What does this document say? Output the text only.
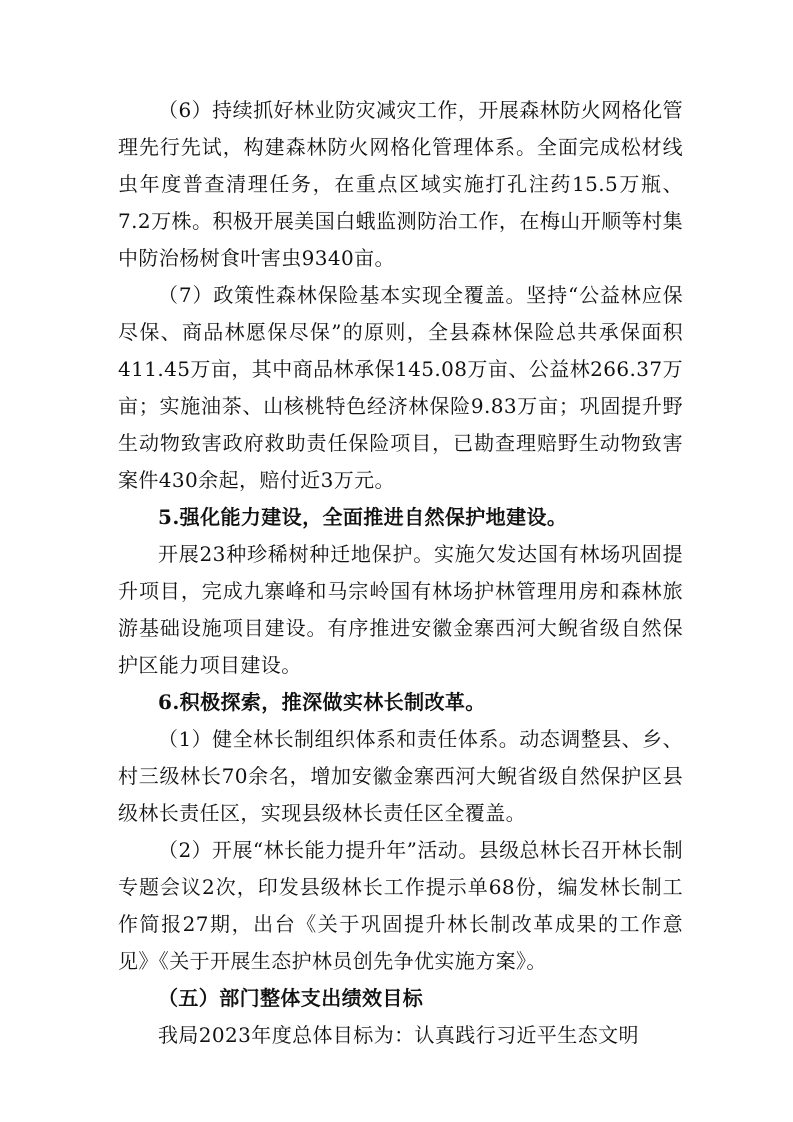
（6）持续抓好林业防灾减灾工作，开展森林防火网格化管理先行先试，构建森林防火网格化管理体系。全面完成松材线虫年度普查清理任务，在重点区域实施打孔注药15.5万瓶、7.2万株。积极开展美国白蛾监测防治工作，在梅山开顺等村集中防治杨树食叶害虫9340亩。

（7）政策性森林保险基本实现全覆盖。坚持“公益林应保尽保、商品林愿保尽保”的原则，全县森林保险总共承保面积411.45万亩，其中商品林承保145.08万亩、公益林266.37万亩；实施油茶、山核桃特色经济林保险9.83万亩；巩固提升野生动物致害政府救助责任保险项目，已勘查理赔野生动物致害案件430余起，赔付近3万元。

5.强化能力建设，全面推进自然保护地建设。

开展23种珍稀树种迁地保护。实施欠发达国有林场巩固提升项目，完成九寨峰和马宗岭国有林场护林管理用房和森林旅游基础设施项目建设。有序推进安徽金寨西河大鲵省级自然保护区能力项目建设。

6.积极探索，推深做实林长制改革。

（1）健全林长制组织体系和责任体系。动态调整县、乡、村三级林长70余名，增加安徽金寨西河大鲵省级自然保护区县级林长责任区，实现县级林长责任区全覆盖。

（2）开展“林长能力提升年”活动。县级总林长召开林长制专题会议2次，印发县级林长工作提示单68份，编发林长制工作简报27期，出台《关于巩固提升林长制改革成果的工作意见》《关于开展生态护林员创先争优实施方案》。

（五）部门整体支出绩效目标

我局2023年度总体目标为：认真践行习近平生态文明
